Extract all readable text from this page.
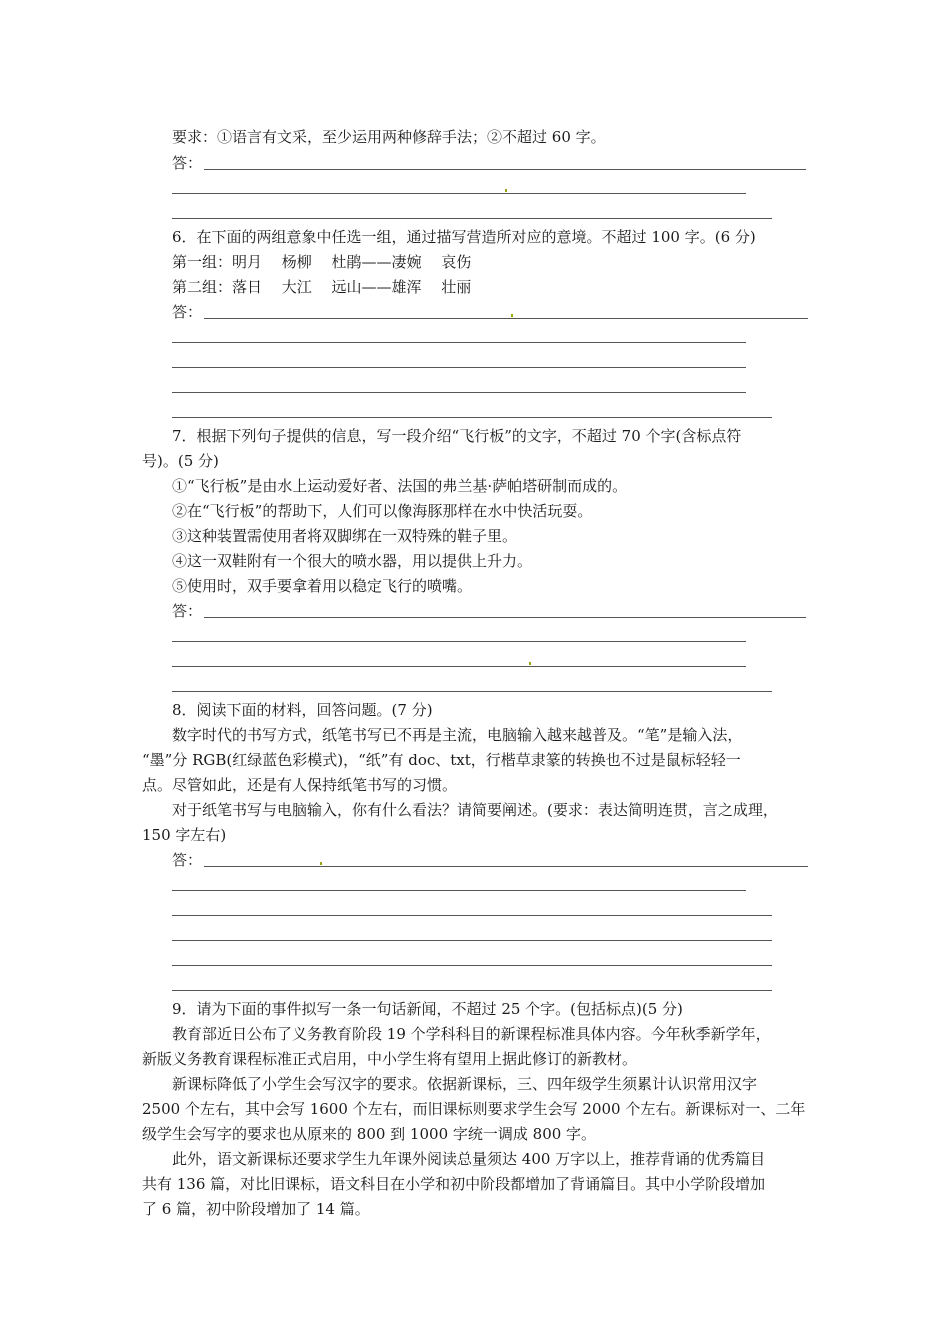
要求：①语言有文采，至少运用两种修辞手法；②不超过 60 字。
答：
6．在下面的两组意象中任选一组，通过描写营造所对应的意境。不超过 100 字。(6 分)
第一组：明月　 杨柳　 杜鹃——凄婉　 哀伤
第二组：落日　 大江　 远山——雄浑　 壮丽
答：
7．根据下列句子提供的信息，写一段介绍“飞行板”的文字，不超过 70 个字(含标点符
号)。(5 分)
①“飞行板”是由水上运动爱好者、法国的弗兰基·萨帕塔研制而成的。
②在“飞行板”的帮助下，人们可以像海豚那样在水中快活玩耍。
③这种装置需使用者将双脚绑在一双特殊的鞋子里。
④这一双鞋附有一个很大的喷水器，用以提供上升力。
⑤使用时，双手要拿着用以稳定飞行的喷嘴。
答：
8．阅读下面的材料，回答问题。(7 分)
数字时代的书写方式，纸笔书写已不再是主流，电脑输入越来越普及。“笔”是输入法，
“墨”分 RGB(红绿蓝色彩模式)，“纸”有 doc、txt，行楷草隶篆的转换也不过是鼠标轻轻一
点。尽管如此，还是有人保持纸笔书写的习惯。
对于纸笔书写与电脑输入，你有什么看法？请简要阐述。(要求：表达简明连贯，言之成理，
150 字左右)
答：
9．请为下面的事件拟写一条一句话新闻，不超过 25 个字。(包括标点)(5 分)
教育部近日公布了义务教育阶段 19 个学科科目的新课程标准具体内容。今年秋季新学年，
新版义务教育课程标准正式启用，中小学生将有望用上据此修订的新教材。
新课标降低了小学生会写汉字的要求。依据新课标，三、四年级学生须累计认识常用汉字
2500 个左右，其中会写 1600 个左右，而旧课标则要求学生会写 2000 个左右。新课标对一、二年
级学生会写字的要求也从原来的 800 到 1000 字统一调成 800 字。
此外，语文新课标还要求学生九年课外阅读总量须达 400 万字以上，推荐背诵的优秀篇目
共有 136 篇，对比旧课标，语文科目在小学和初中阶段都增加了背诵篇目。其中小学阶段增加
了 6 篇，初中阶段增加了 14 篇。
